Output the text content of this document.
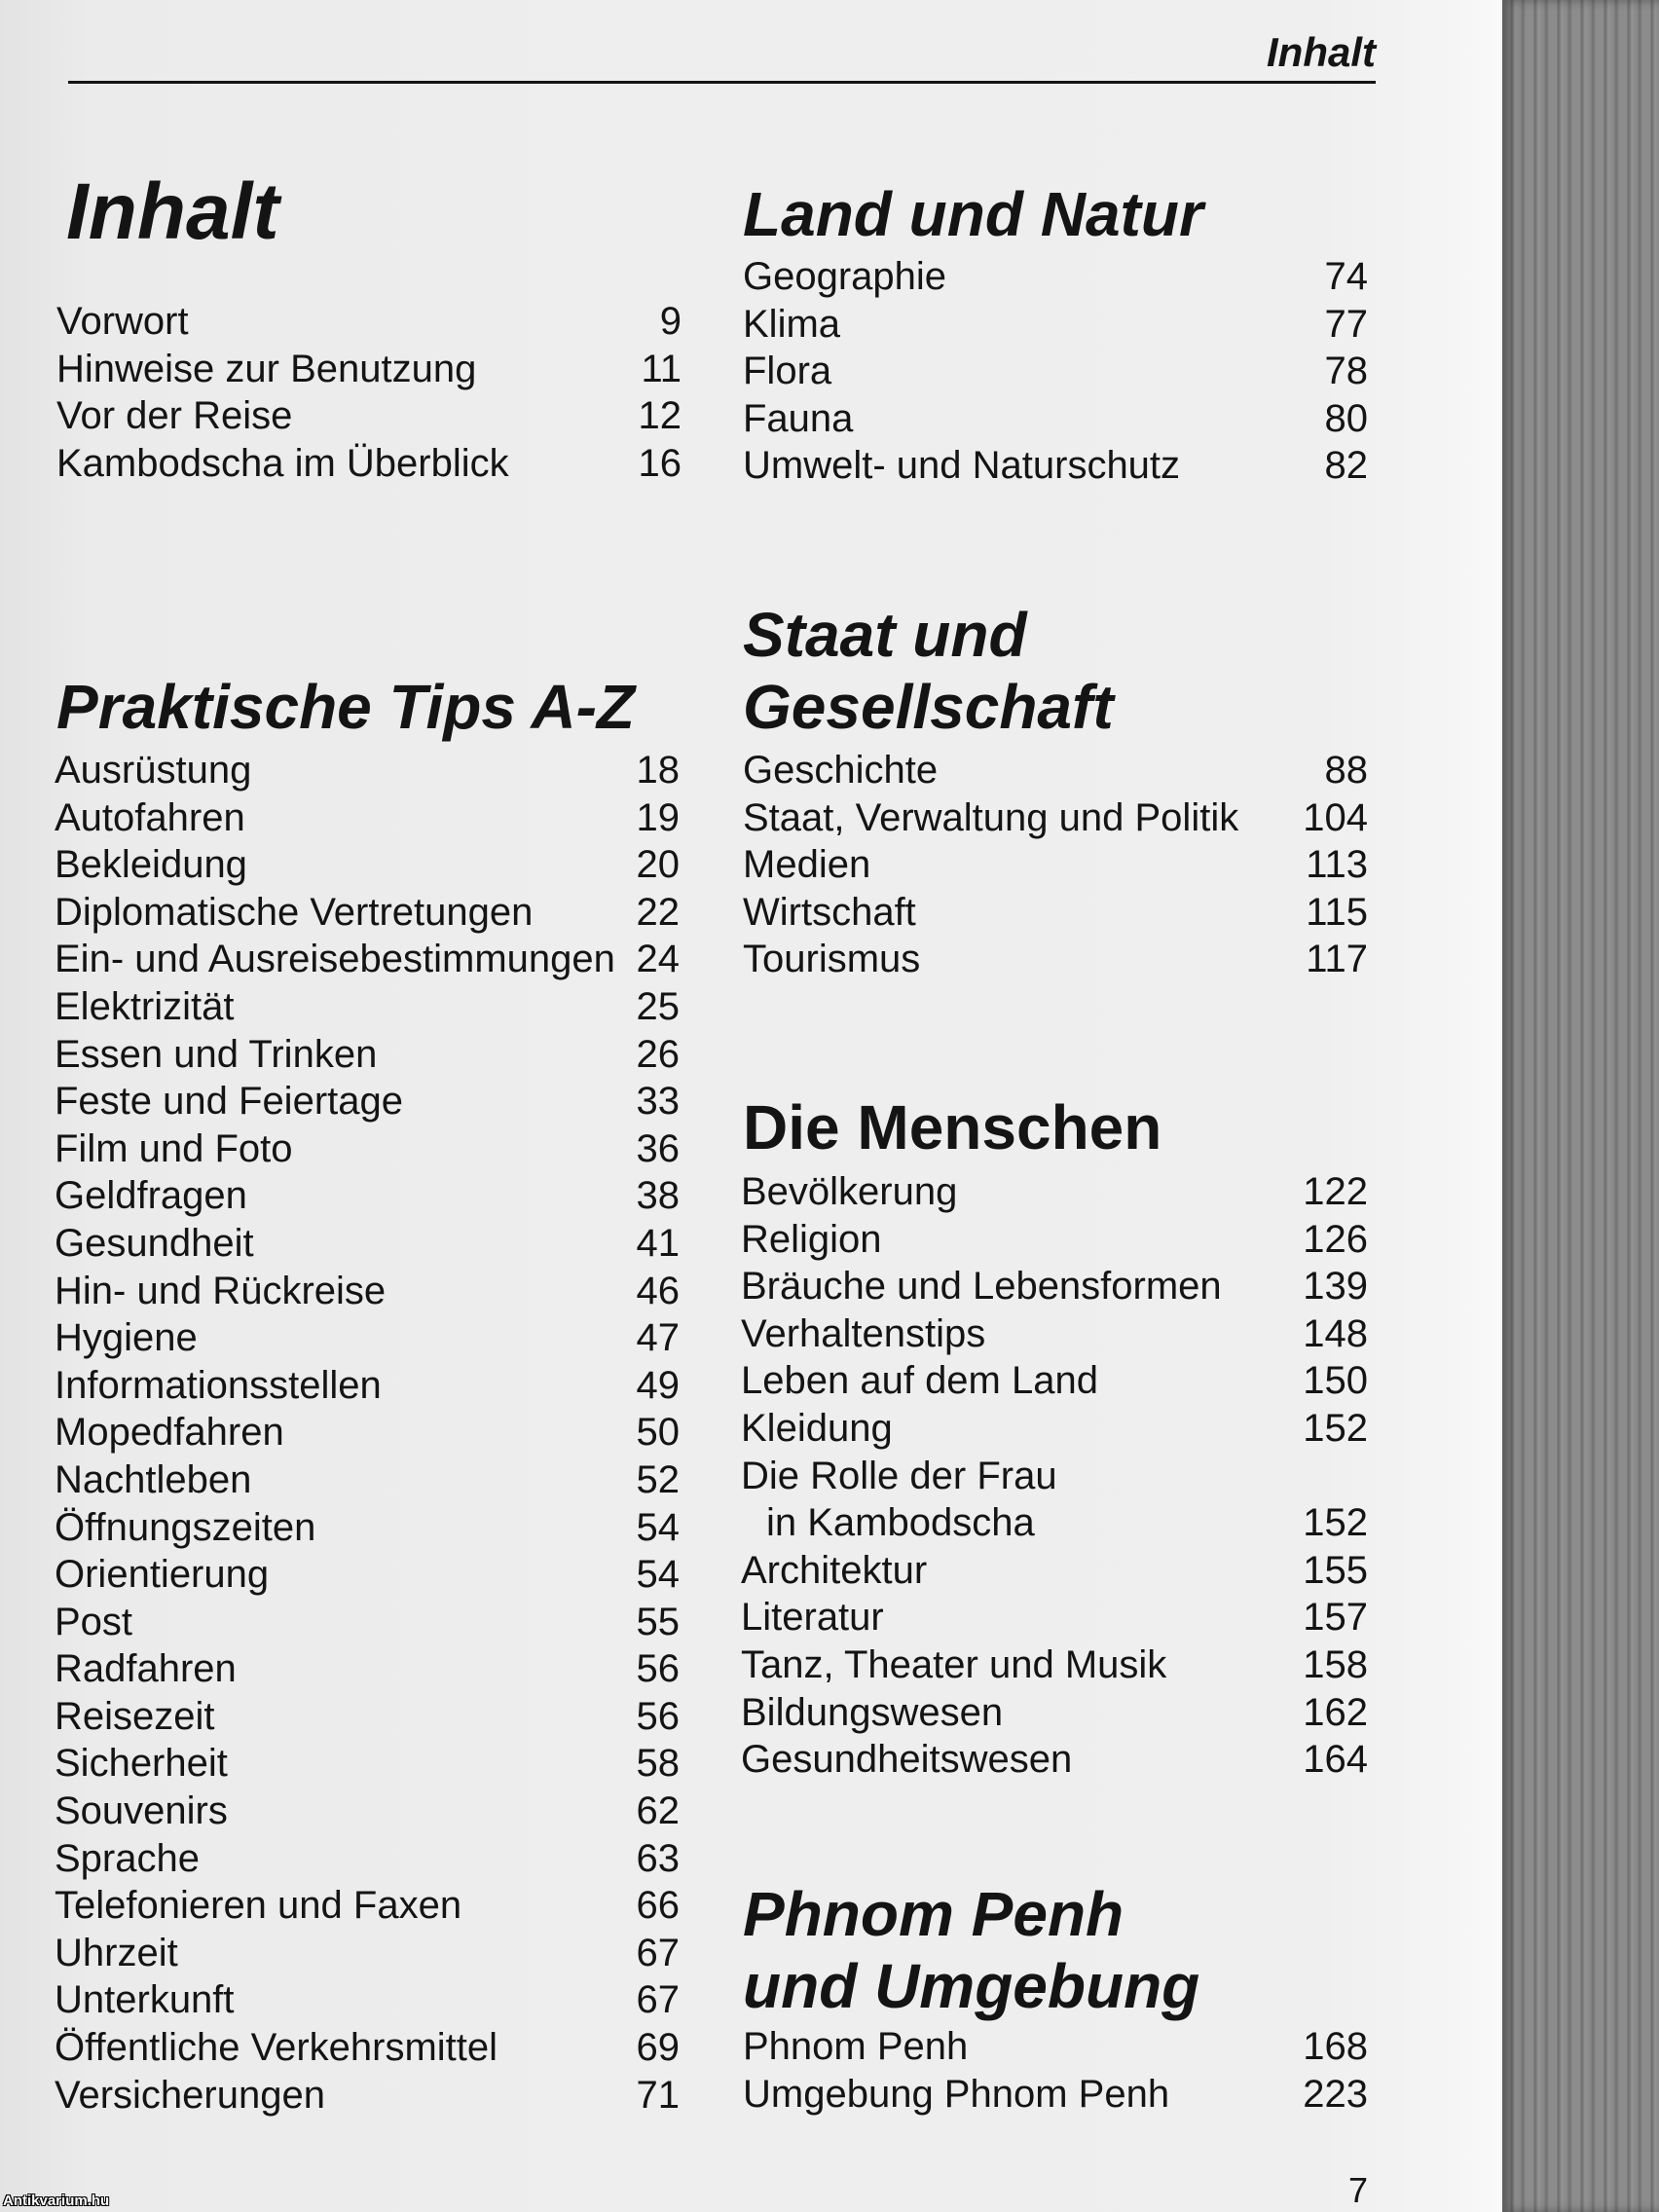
Inhalt
Inhalt
Vorwort	9
Hinweise zur Benutzung	11
Vor der Reise	12
Kambodscha im Überblick	16
Praktische Tips A-Z
Ausrüstung	18
Autofahren	19
Bekleidung	20
Diplomatische Vertretungen	22
Ein- und Ausreisebestimmungen 24
Elektrizität	25
Essen und Trinken	26
Feste und Feiertage	33
Film und Foto	36
Geldfragen	38
Gesundheit	41
Hin- und Rückreise	46
Hygiene	47
Informationsstellen	49
Mopedfahren	50
Nachtleben	52
Öffnungszeiten	54
Orientierung	54
Post	55
Radfahren	56
Reisezeit	56
Sicherheit	58
Souvenirs	62
Sprache	63
Telefonieren und Faxen	66
Uhrzeit	67
Unterkunft	67
Öffentliche Verkehrsmittel	69
Versicherungen	71
Land und Natur
Geographie	74
Klima	77
Flora	78
Fauna	80
Umwelt- und Naturschutz	82
Staat und
Gesellschaft
Geschichte	88
Staat, Verwaltung und Politik 104
Medien	113
Wirtschaft	115
Tourismus	117
Die Menschen
Bevölkerung	122
Religion	126
Bräuche und Lebensformen 139
Verhaltenstips	148
Leben auf dem Land	150
Kleidung	152
Die Rolle der Frau
in Kambodscha	152
Architektur	155
Literatur	157
Tanz, Theater und Musik	158
Bildungswesen	162
Gesundheitswesen	164
Phnom Penh
und Umgebung
Phnom Penh	168
Umgebung Phnom Penh	223
7
Antikvarium.hu
